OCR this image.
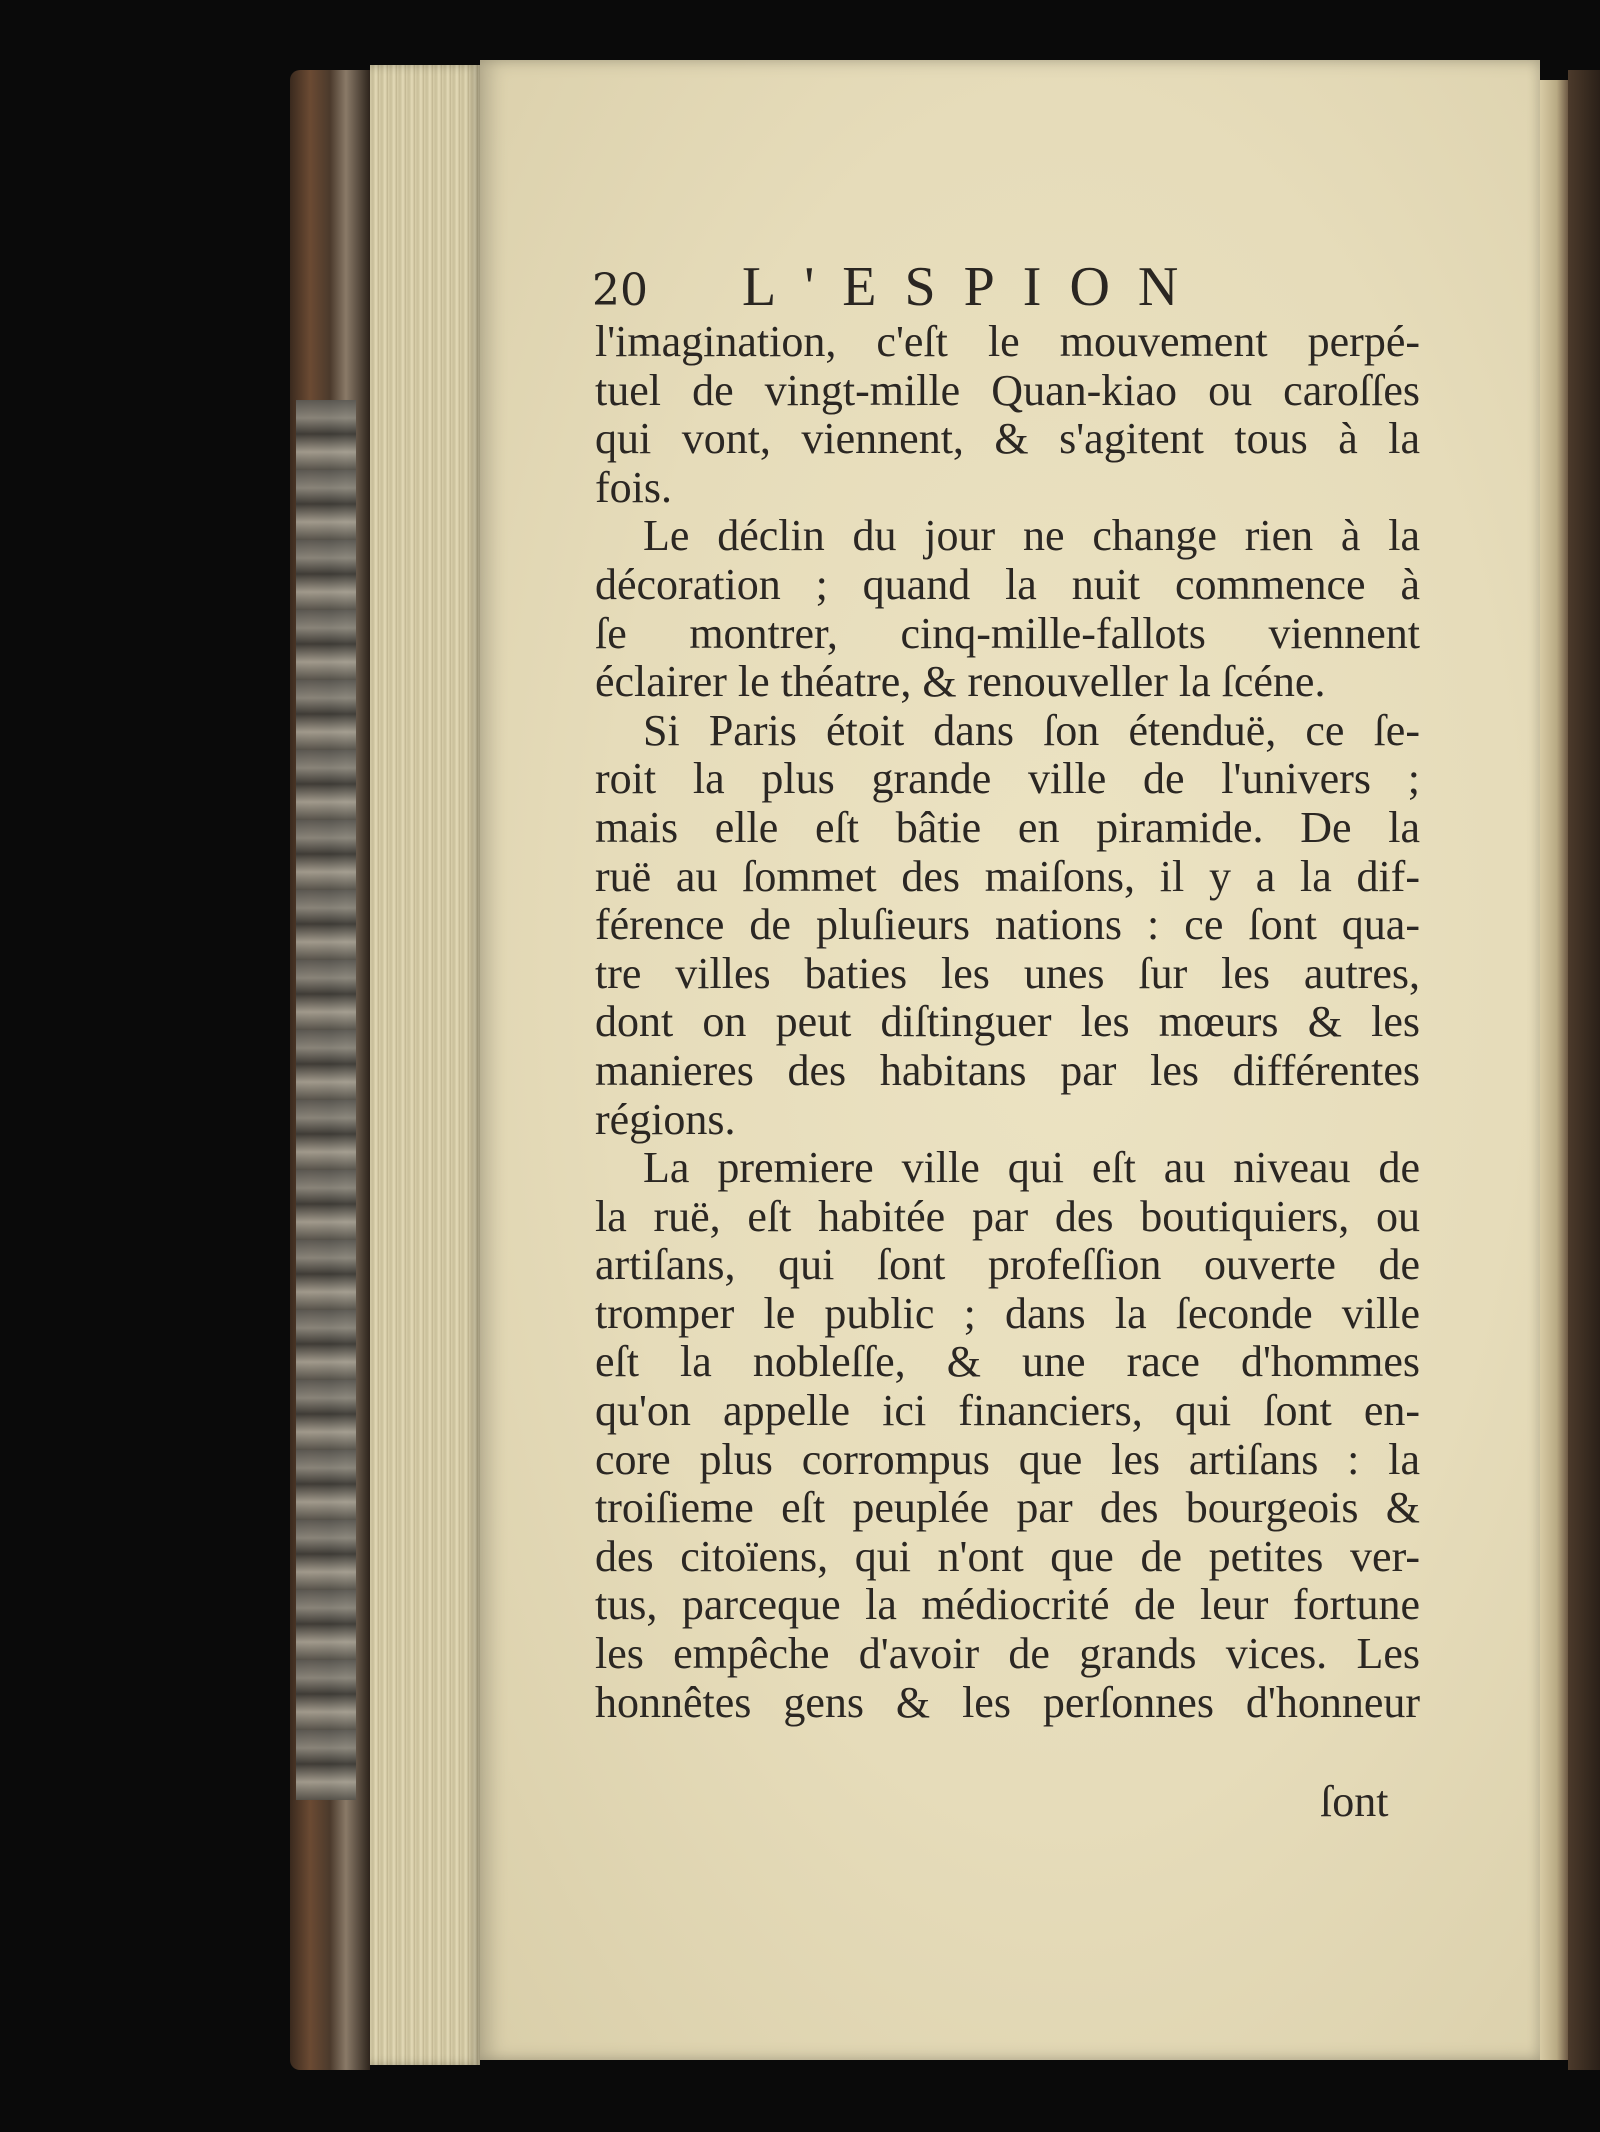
20	L'ESPION
l'imagination, c'eſt le mouvement perpé-
tuel de vingt-mille Quan-kiao ou caroſſes
qui vont, viennent, & s'agitent tous à la
fois.
Le déclin du jour ne change rien à la
décoration ; quand la nuit commence à
ſe montrer, cinq-mille-fallots viennent
éclairer le théatre, & renouveller la ſcéne.
Si Paris étoit dans ſon étenduë, ce ſe-
roit la plus grande ville de l'univers ;
mais elle eſt bâtie en piramide. De la
ruë au ſommet des maiſons, il y a la dif-
férence de pluſieurs nations : ce ſont qua-
tre villes baties les unes ſur les autres,
dont on peut diſtinguer les mœurs & les
manieres des habitans par les différentes
régions.
La premiere ville qui eſt au niveau de
la ruë, eſt habitée par des boutiquiers, ou
artiſans, qui ſont profeſſion ouverte de
tromper le public ; dans la ſeconde ville
eſt la nobleſſe, & une race d'hommes
qu'on appelle ici financiers, qui ſont en-
core plus corrompus que les artiſans : la
troiſieme eſt peuplée par des bourgeois &
des citoïens, qui n'ont que de petites ver-
tus, parceque la médiocrité de leur fortune
les empêche d'avoir de grands vices. Les
honnêtes gens & les perſonnes d'honneur
ſont
